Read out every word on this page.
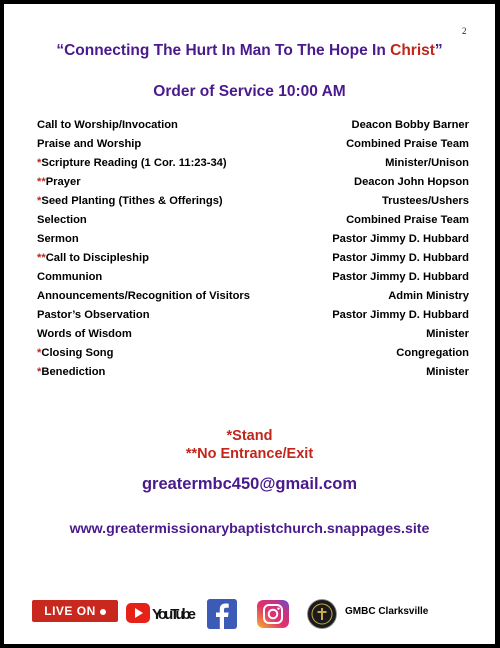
2
“Connecting The Hurt In Man To The Hope In Christ”
Order of Service 10:00 AM
Call to Worship/Invocation	Deacon Bobby Barner
Praise and Worship	Combined Praise Team
*Scripture Reading (1 Cor. 11:23-34)	Minister/Unison
**Prayer	Deacon John Hopson
*Seed Planting (Tithes & Offerings)	Trustees/Ushers
Selection	Combined Praise Team
Sermon	Pastor Jimmy D. Hubbard
**Call to Discipleship	Pastor Jimmy D. Hubbard
Communion	Pastor Jimmy D. Hubbard
Announcements/Recognition of Visitors	Admin Ministry
Pastor’s Observation	Pastor Jimmy D. Hubbard
Words of Wisdom	Minister
*Closing Song	Congregation
*Benediction	Minister
*Stand
**No Entrance/Exit
greatermbc450@gmail.com
www.greatermissionarybaptistchurch.snappages.site
LIVE ON	YouTube	GMBC Clarksville
